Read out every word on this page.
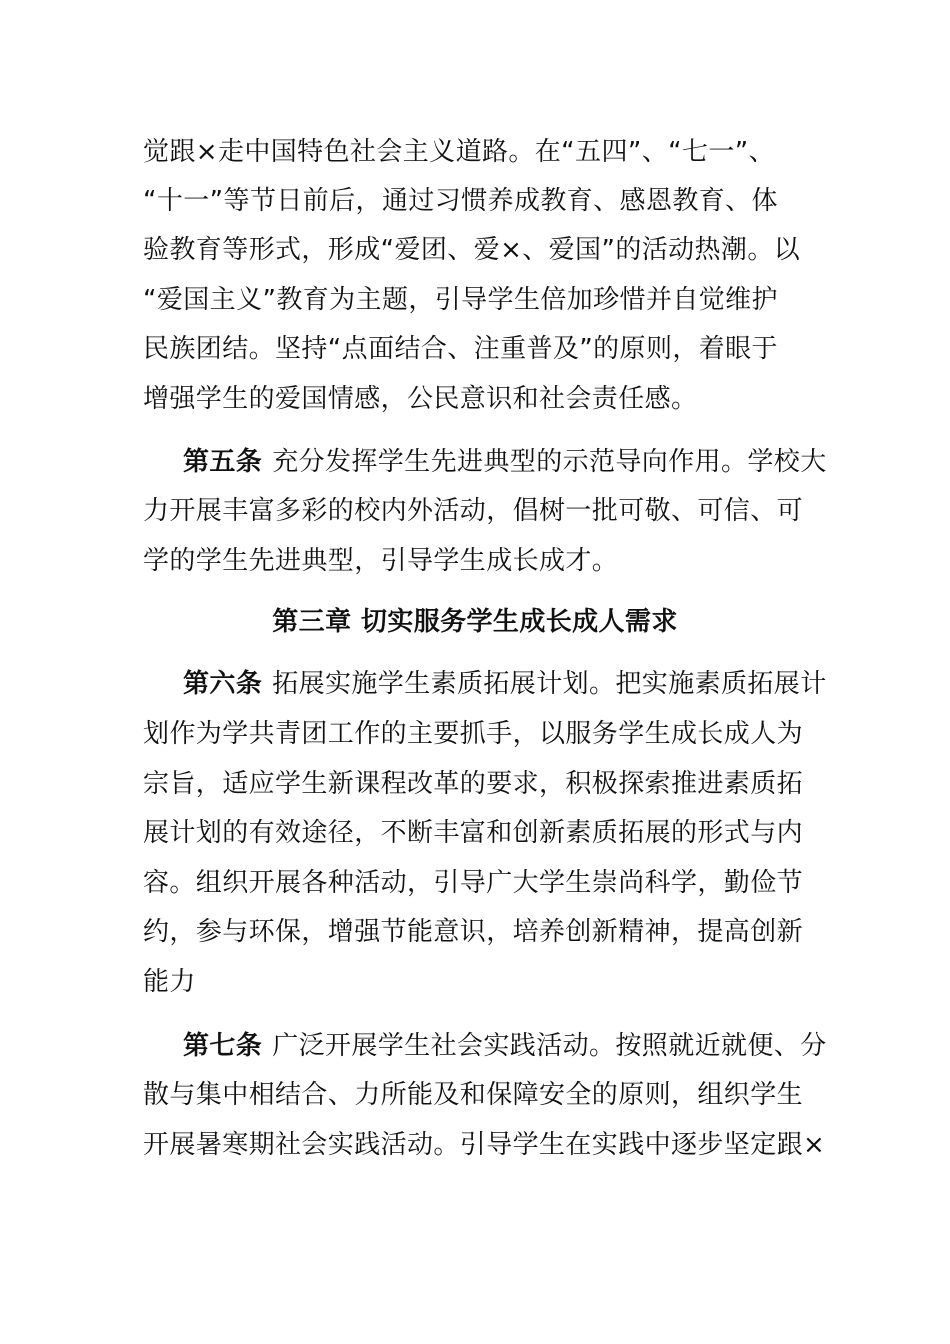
觉跟×走中国特色社会主义道路。在“五四”、“七一”、
“十一”等节日前后，通过习惯养成教育、感恩教育、体
验教育等形式，形成“爱团、爱×、爱国”的活动热潮。以
“爱国主义”教育为主题，引导学生倍加珍惜并自觉维护
民族团结。坚持“点面结合、注重普及”的原则，着眼于
增强学生的爱国情感，公民意识和社会责任感。
第五条 充分发挥学生先进典型的示范导向作用。学校大
力开展丰富多彩的校内外活动，倡树一批可敬、可信、可
学的学生先进典型，引导学生成长成才。
第三章 切实服务学生成长成人需求
第六条 拓展实施学生素质拓展计划。把实施素质拓展计
划作为学共青团工作的主要抓手，以服务学生成长成人为
宗旨，适应学生新课程改革的要求，积极探索推进素质拓
展计划的有效途径，不断丰富和创新素质拓展的形式与内
容。组织开展各种活动，引导广大学生崇尚科学，勤俭节
约，参与环保，增强节能意识，培养创新精神，提高创新
能力
第七条 广泛开展学生社会实践活动。按照就近就便、分
散与集中相结合、力所能及和保障安全的原则，组织学生
开展暑寒期社会实践活动。引导学生在实践中逐步坚定跟×
